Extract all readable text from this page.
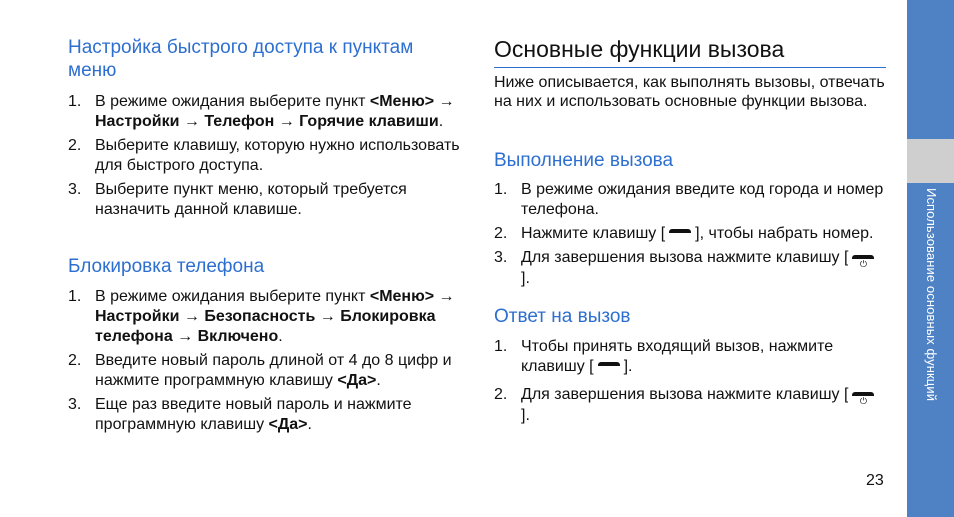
Использование основных функций
Настройка быстрого доступа к пунктам меню
1. В режиме ожидания выберите пункт <Меню> → Настройки → Телефон → Горячие клавиши.
2. Выберите клавишу, которую нужно использовать для быстрого доступа.
3. Выберите пункт меню, который требуется назначить данной клавише.
Блокировка телефона
1. В режиме ожидания выберите пункт <Меню> → Настройки → Безопасность → Блокировка телефона → Включено.
2. Введите новый пароль длиной от 4 до 8 цифр и нажмите программную клавишу <Да>.
3. Еще раз введите новый пароль и нажмите программную клавишу <Да>.
Основные функции вызова

Ниже описывается, как выполнять вызовы, отвечать на них и использовать основные функции вызова.

Выполнение вызова
1. В режиме ожидания введите код города и номер телефона.
2. Нажмите клавишу [ ], чтобы набрать номер.
3. Для завершения вызова нажмите клавишу [ $_⏻$].
Ответ на вызов
1. Чтобы принять входящий вызов, нажмите клавишу [ ].
2. Для завершения вызова нажмите клавишу [ $_⏻$].
23
